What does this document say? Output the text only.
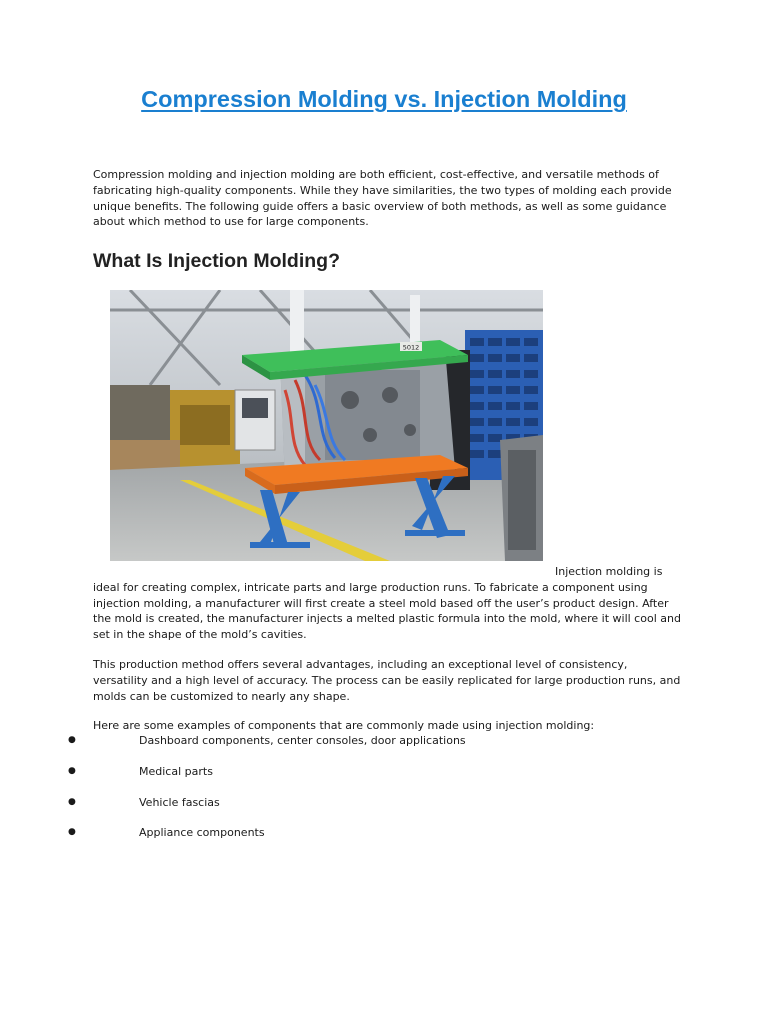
Compression Molding vs. Injection Molding

Compression molding and injection molding are both efficient, cost-effective, and versatile methods of fabricating high-quality components. While they have similarities, the two types of molding each provide unique benefits. The following guide offers a basic overview of both methods, as well as some guidance about which method to use for large components.

What Is Injection Molding?
5012

Injection molding is ideal for creating complex, intricate parts and large production runs. To fabricate a component using injection molding, a manufacturer will first create a steel mold based off the user’s product design. After the mold is created, the manufacturer injects a melted plastic formula into the mold, where it will cool and set in the shape of the mold’s cavities.

This production method offers several advantages, including an exceptional level of consistency, versatility and a high level of accuracy. The process can be easily replicated for large production runs, and molds can be customized to nearly any shape.

Here are some examples of components that are commonly made using injection molding:

●	Dashboard components, center consoles, door applications
●	Medical parts
●	Vehicle fascias
●	Appliance components
